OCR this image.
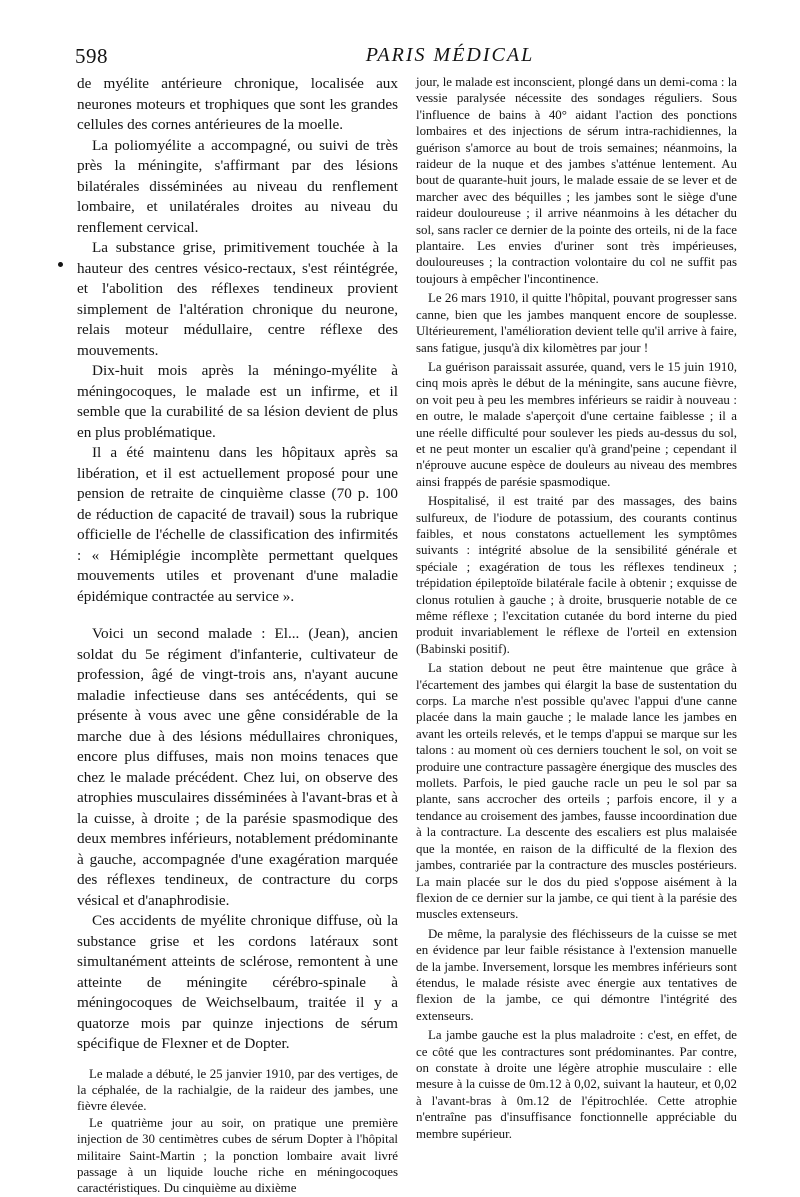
598	PARIS MÉDICAL

de myélite antérieure chronique, localisée aux neurones moteurs et trophiques que sont les grandes cellules des cornes antérieures de la moelle.

La poliomyélite a accompagné, ou suivi de très près la méningite, s'affirmant par des lésions bilatérales disséminées au niveau du renflement lombaire, et unilatérales droites au niveau du renflement cervical.

La substance grise, primitivement touchée à la hauteur des centres vésico-rectaux, s'est réintégrée, et l'abolition des réflexes tendineux provient simplement de l'altération chronique du neurone, relais moteur médullaire, centre réflexe des mouvements.

Dix-huit mois après la méningo-myélite à méningocoques, le malade est un infirme, et il semble que la curabilité de sa lésion devient de plus en plus problématique.

Il a été maintenu dans les hôpitaux après sa libération, et il est actuellement proposé pour une pension de retraite de cinquième classe (70 p. 100 de réduction de capacité de travail) sous la rubrique officielle de l'échelle de classification des infirmités : « Hémiplégie incomplète permettant quelques mouvements utiles et provenant d'une maladie épidémique contractée au service ».

Voici un second malade : El... (Jean), ancien soldat du 5e régiment d'infanterie, cultivateur de profession, âgé de vingt-trois ans, n'ayant aucune maladie infectieuse dans ses antécédents, qui se présente à vous avec une gêne considérable de la marche due à des lésions médullaires chroniques, encore plus diffuses, mais non moins tenaces que chez le malade précédent. Chez lui, on observe des atrophies musculaires disséminées à l'avant-bras et à la cuisse, à droite ; de la parésie spasmodique des deux membres inférieurs, notablement prédominante à gauche, accompagnée d'une exagération marquée des réflexes tendineux, de contracture du corps vésical et d'anaphrodisie.

Ces accidents de myélite chronique diffuse, où la substance grise et les cordons latéraux sont simultanément atteints de sclérose, remontent à une atteinte de méningite cérébro-spinale à méningocoques de Weichselbaum, traitée il y a quatorze mois par quinze injections de sérum spécifique de Flexner et de Dopter.

Le malade a débuté, le 25 janvier 1910, par des vertiges, de la céphalée, de la rachialgie, de la raideur des jambes, une fièvre élevée.

Le quatrième jour au soir, on pratique une première injection de 30 centimètres cubes de sérum Dopter à l'hôpital militaire Saint-Martin ; la ponction lombaire avait livré passage à un liquide louche riche en méningocoques caractéristiques. Du cinquième au dixième

jour, le malade est inconscient, plongé dans un demi-coma : la vessie paralysée nécessite des sondages réguliers. Sous l'influence de bains à 40° aidant l'action des ponctions lombaires et des injections de sérum intra-rachidiennes, la guérison s'amorce au bout de trois semaines; néanmoins, la raideur de la nuque et des jambes s'atténue lentement. Au bout de quarante-huit jours, le malade essaie de se lever et de marcher avec des béquilles ; les jambes sont le siège d'une raideur douloureuse ; il arrive néanmoins à les détacher du sol, sans racler ce dernier de la pointe des orteils, ni de la face plantaire. Les envies d'uriner sont très impérieuses, douloureuses ; la contraction volontaire du col ne suffit pas toujours à empêcher l'incontinence.

Le 26 mars 1910, il quitte l'hôpital, pouvant progresser sans canne, bien que les jambes manquent encore de souplesse. Ultérieurement, l'amélioration devient telle qu'il arrive à faire, sans fatigue, jusqu'à dix kilomètres par jour !

La guérison paraissait assurée, quand, vers le 15 juin 1910, cinq mois après le début de la méningite, sans aucune fièvre, on voit peu à peu les membres inférieurs se raidir à nouveau : en outre, le malade s'aperçoit d'une certaine faiblesse ; il a une réelle difficulté pour soulever les pieds au-dessus du sol, et ne peut monter un escalier qu'à grand'peine ; cependant il n'éprouve aucune espèce de douleurs au niveau des membres ainsi frappés de parésie spasmodique.

Hospitalisé, il est traité par des massages, des bains sulfureux, de l'iodure de potassium, des courants continus faibles, et nous constatons actuellement les symptômes suivants : intégrité absolue de la sensibilité générale et spéciale ; exagération de tous les réflexes tendineux ; trépidation épileptoïde bilatérale facile à obtenir ; exquisse de clonus rotulien à gauche ; à droite, brusquerie notable de ce même réflexe ; l'excitation cutanée du bord interne du pied produit invariablement le réflexe de l'orteil en extension (Babinski positif).

La station debout ne peut être maintenue que grâce à l'écartement des jambes qui élargit la base de sustentation du corps. La marche n'est possible qu'avec l'appui d'une canne placée dans la main gauche ; le malade lance les jambes en avant les orteils relevés, et le temps d'appui se marque sur les talons : au moment où ces derniers touchent le sol, on voit se produire une contracture passagère énergique des muscles des mollets. Parfois, le pied gauche racle un peu le sol par sa plante, sans accrocher des orteils ; parfois encore, il y a tendance au croisement des jambes, fausse incoordination due à la contracture. La descente des escaliers est plus malaisée que la montée, en raison de la difficulté de la flexion des jambes, contrariée par la contracture des muscles postérieurs. La main placée sur le dos du pied s'oppose aisément à la flexion de ce dernier sur la jambe, ce qui tient à la parésie des muscles extenseurs.

De même, la paralysie des fléchisseurs de la cuisse se met en évidence par leur faible résistance à l'extension manuelle de la jambe. Inversement, lorsque les membres inférieurs sont étendus, le malade résiste avec énergie aux tentatives de flexion de la jambe, ce qui démontre l'intégrité des extenseurs.

La jambe gauche est la plus maladroite : c'est, en effet, de ce côté que les contractures sont prédominantes. Par contre, on constate à droite une légère atrophie musculaire : elle mesure à la cuisse de 0m.12 à 0,02, suivant la hauteur, et 0,02 à l'avant-bras à 0m.12 de l'épitrochlée. Cette atrophie n'entraîne pas d'insuffisance fonctionnelle appréciable du membre supérieur.
